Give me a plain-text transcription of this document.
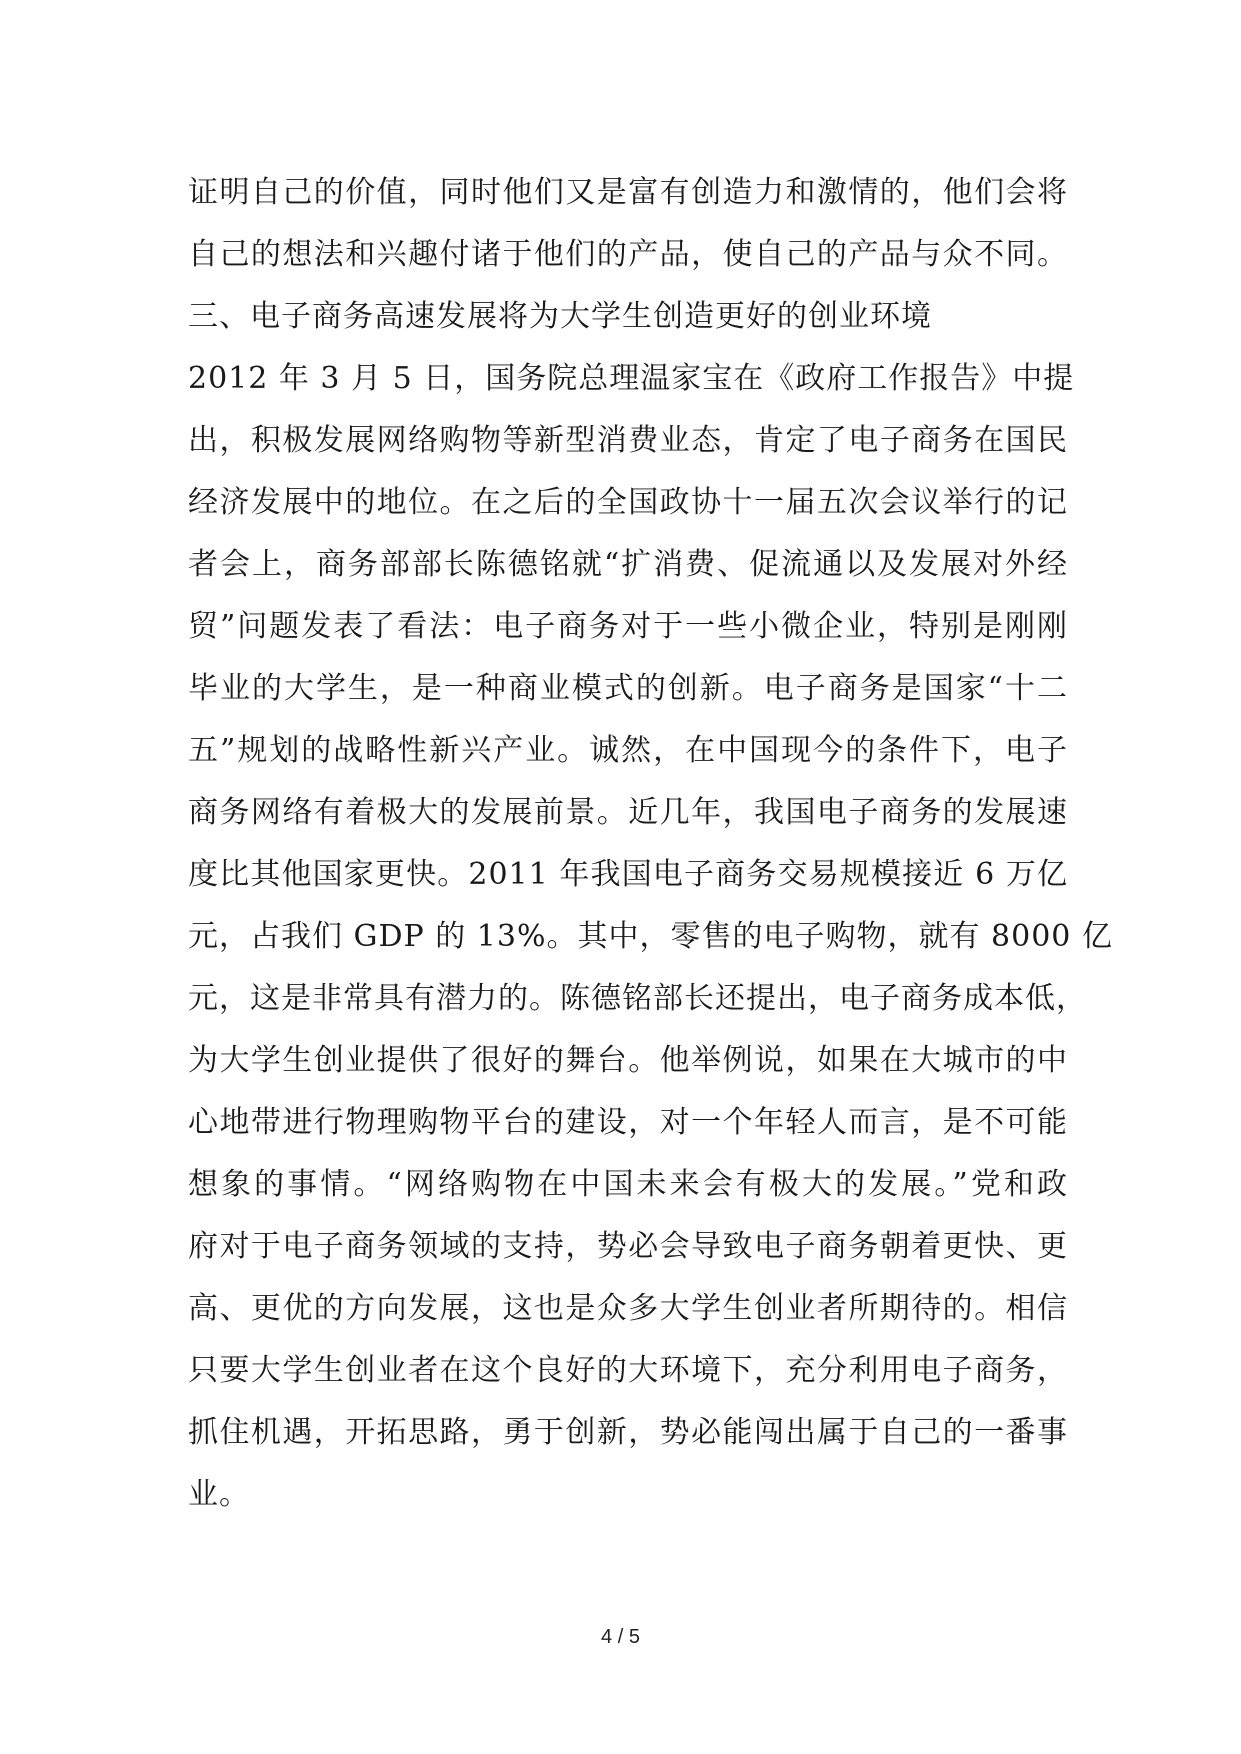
证明自己的价值，同时他们又是富有创造力和激情的，他们会将
自己的想法和兴趣付诸于他们的产品，使自己的产品与众不同。
三、电子商务高速发展将为大学生创造更好的创业环境
2012 年 3 月 5 日，国务院总理温家宝在《政府工作报告》中提
出，积极发展网络购物等新型消费业态，肯定了电子商务在国民
经济发展中的地位。在之后的全国政协十一届五次会议举行的记
者会上，商务部部长陈德铭就“扩消费、促流通以及发展对外经
贸”问题发表了看法：电子商务对于一些小微企业，特别是刚刚
毕业的大学生，是一种商业模式的创新。电子商务是国家“十二
五”规划的战略性新兴产业。诚然，在中国现今的条件下，电子
商务网络有着极大的发展前景。近几年，我国电子商务的发展速
度比其他国家更快。2011 年我国电子商务交易规模接近 6 万亿
元，占我们 GDP 的 13%。其中，零售的电子购物，就有 8000 亿
元，这是非常具有潜力的。陈德铭部长还提出，电子商务成本低，
为大学生创业提供了很好的舞台。他举例说，如果在大城市的中
心地带进行物理购物平台的建设，对一个年轻人而言，是不可能
想象的事情。“网络购物在中国未来会有极大的发展。”党和政
府对于电子商务领域的支持，势必会导致电子商务朝着更快、更
高、更优的方向发展，这也是众多大学生创业者所期待的。相信
只要大学生创业者在这个良好的大环境下，充分利用电子商务，
抓住机遇，开拓思路，勇于创新，势必能闯出属于自己的一番事
业。
4 / 5
